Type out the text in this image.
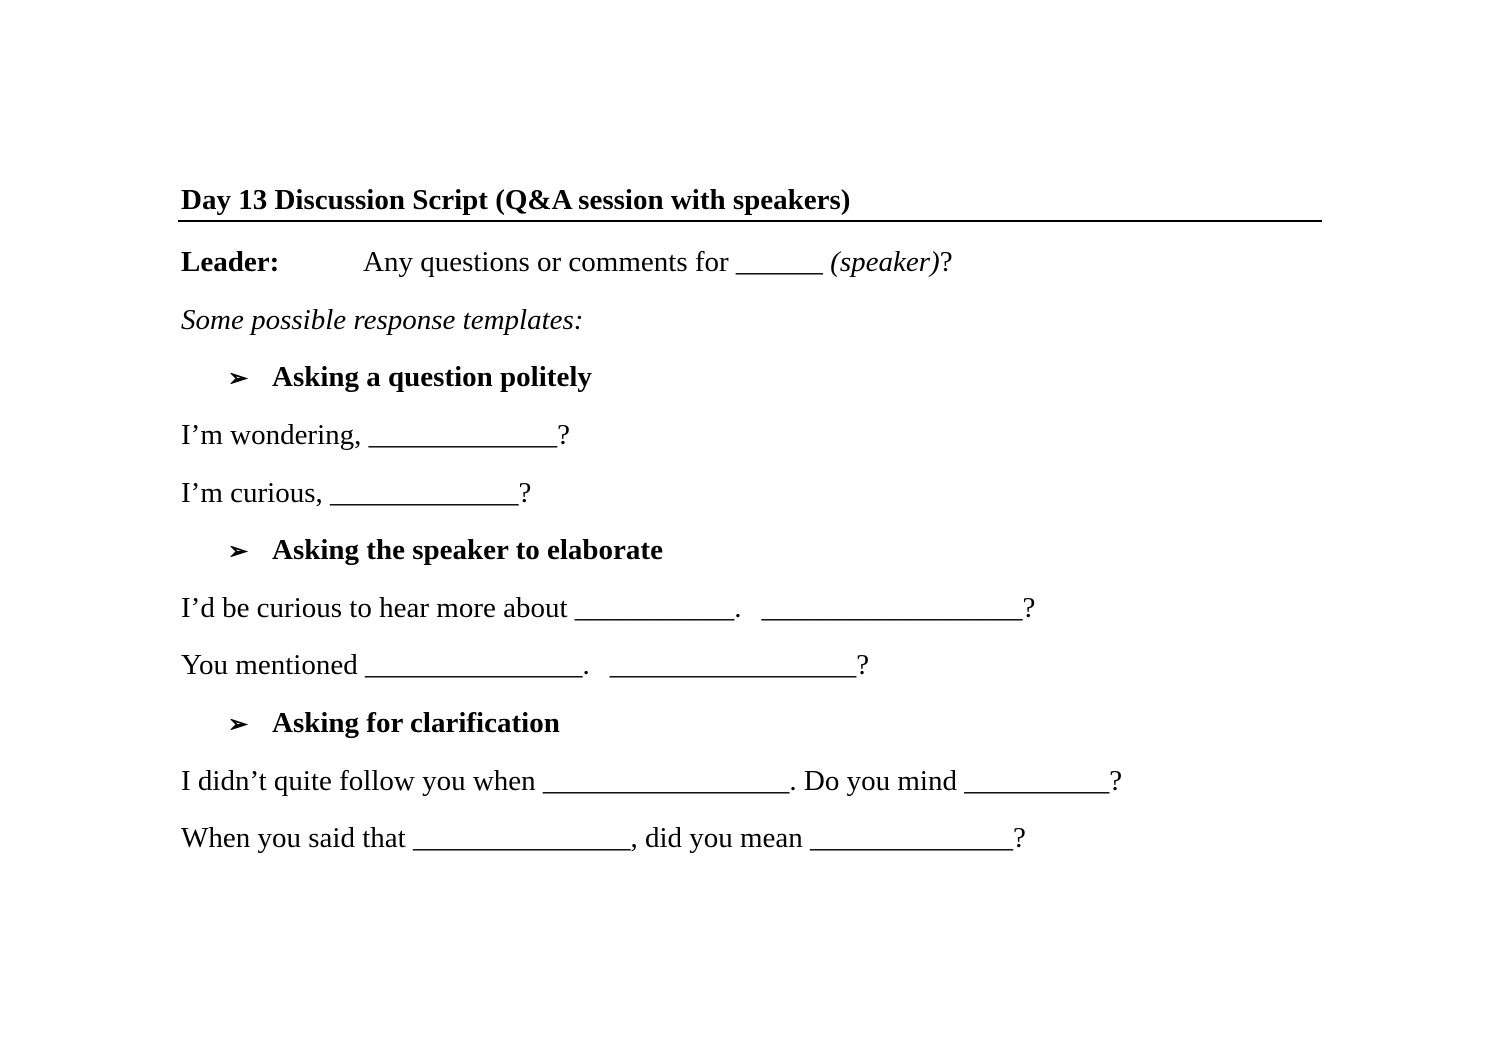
Day 13 Discussion Script (Q&A session with speakers)
Leader:	Any questions or comments for ______ (speaker)?
Some possible response templates:
➢ Asking a question politely
I’m wondering, _____________?
I’m curious, _____________?
➢ Asking the speaker to elaborate
I’d be curious to hear more about ___________. __________________?
You mentioned _______________. _________________?
➢ Asking for clarification
I didn’t quite follow you when _________________. Do you mind __________?
When you said that _______________, did you mean ______________?
